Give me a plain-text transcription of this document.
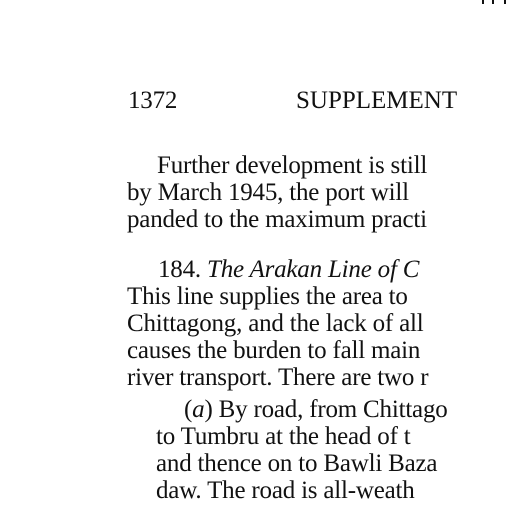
1372	SUPPLEMENT
Further development is still
by March 1945, the port will
panded to the maximum practi
184. The Arakan Line of C
This line supplies the area to
Chittagong, and the lack of all
causes the burden to fall main
river transport. There are two r
(a) By road, from Chittago
to Tumbru at the head of t
and thence on to Bawli Baza
daw. The road is all-weath
